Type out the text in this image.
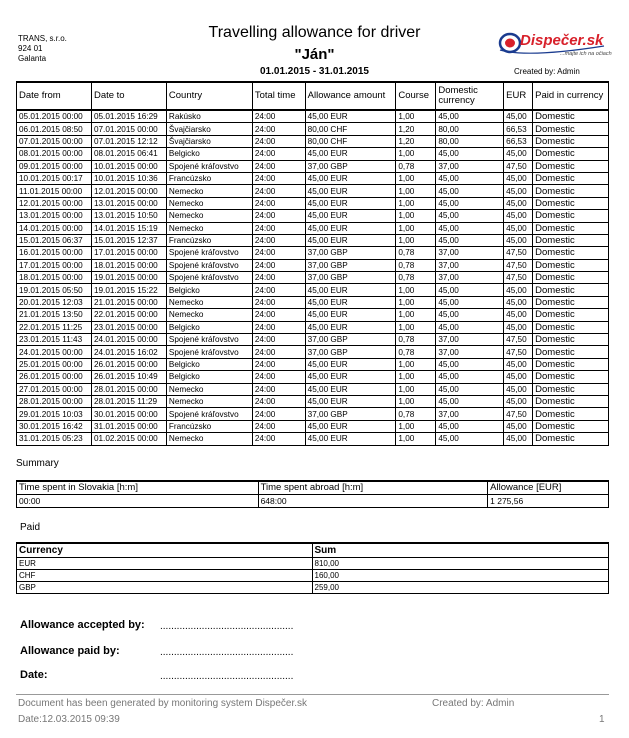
TRANS, s.r.o.
924 01
Galanta
Travelling allowance for driver
"Ján"
01.01.2015 - 31.01.2015
Dispečer.sk
...majte ich na očiach
Created by: Admin
Date from	Date to	Country	Total time	Allowance amount	Course	Domestic currency	EUR	Paid in currency
05.01.2015 00:00	05.01.2015 16:29	Rakúsko	24:00	45,00 EUR	1,00	45,00	45,00	Domestic
06.01.2015 08:50	07.01.2015 00:00	Švajčiarsko	24:00	80,00 CHF	1,20	80,00	66,53	Domestic
07.01.2015 00:00	07.01.2015 12:12	Švajčiarsko	24:00	80,00 CHF	1,20	80,00	66,53	Domestic
08.01.2015 00:00	08.01.2015 06:41	Belgicko	24:00	45,00 EUR	1,00	45,00	45,00	Domestic
09.01.2015 00:00	10.01.2015 00:00	Spojené kráľovstvo	24:00	37,00 GBP	0,78	37,00	47,50	Domestic
10.01.2015 00:17	10.01.2015 10:36	Francúzsko	24:00	45,00 EUR	1,00	45,00	45,00	Domestic
11.01.2015 00:00	12.01.2015 00:00	Nemecko	24:00	45,00 EUR	1,00	45,00	45,00	Domestic
12.01.2015 00:00	13.01.2015 00:00	Nemecko	24:00	45,00 EUR	1,00	45,00	45,00	Domestic
13.01.2015 00:00	13.01.2015 10:50	Nemecko	24:00	45,00 EUR	1,00	45,00	45,00	Domestic
14.01.2015 00:00	14.01.2015 15:19	Nemecko	24:00	45,00 EUR	1,00	45,00	45,00	Domestic
15.01.2015 06:37	15.01.2015 12:37	Francúzsko	24:00	45,00 EUR	1,00	45,00	45,00	Domestic
16.01.2015 00:00	17.01.2015 00:00	Spojené kráľovstvo	24:00	37,00 GBP	0,78	37,00	47,50	Domestic
17.01.2015 00:00	18.01.2015 00:00	Spojené kráľovstvo	24:00	37,00 GBP	0,78	37,00	47,50	Domestic
18.01.2015 00:00	19.01.2015 00:00	Spojené kráľovstvo	24:00	37,00 GBP	0,78	37,00	47,50	Domestic
19.01.2015 05:50	19.01.2015 15:22	Belgicko	24:00	45,00 EUR	1,00	45,00	45,00	Domestic
20.01.2015 12:03	21.01.2015 00:00	Nemecko	24:00	45,00 EUR	1,00	45,00	45,00	Domestic
21.01.2015 13:50	22.01.2015 00:00	Nemecko	24:00	45,00 EUR	1,00	45,00	45,00	Domestic
22.01.2015 11:25	23.01.2015 00:00	Belgicko	24:00	45,00 EUR	1,00	45,00	45,00	Domestic
23.01.2015 11:43	24.01.2015 00:00	Spojené kráľovstvo	24:00	37,00 GBP	0,78	37,00	47,50	Domestic
24.01.2015 00:00	24.01.2015 16:02	Spojené kráľovstvo	24:00	37,00 GBP	0,78	37,00	47,50	Domestic
25.01.2015 00:00	26.01.2015 00:00	Belgicko	24:00	45,00 EUR	1,00	45,00	45,00	Domestic
26.01.2015 00:00	26.01.2015 10:49	Belgicko	24:00	45,00 EUR	1,00	45,00	45,00	Domestic
27.01.2015 00:00	28.01.2015 00:00	Nemecko	24:00	45,00 EUR	1,00	45,00	45,00	Domestic
28.01.2015 00:00	28.01.2015 11:29	Nemecko	24:00	45,00 EUR	1,00	45,00	45,00	Domestic
29.01.2015 10:03	30.01.2015 00:00	Spojené kráľovstvo	24:00	37,00 GBP	0,78	37,00	47,50	Domestic
30.01.2015 16:42	31.01.2015 00:00	Francúzsko	24:00	45,00 EUR	1,00	45,00	45,00	Domestic
31.01.2015 05:23	01.02.2015 00:00	Nemecko	24:00	45,00 EUR	1,00	45,00	45,00	Domestic
Summary
Time spent in Slovakia [h:m]	Time spent abroad [h:m]	Allowance [EUR]
00:00	648:00	1 275,56
Paid
Currency	Sum
EUR	810,00
CHF	160,00
GBP	259,00
Allowance accepted by: ................................................
Allowance paid by:	................................................
Date:	................................................
Document has been generated by monitoring system Dispečer.sk	Created by: Admin
Date:12.03.2015 09:39	1
